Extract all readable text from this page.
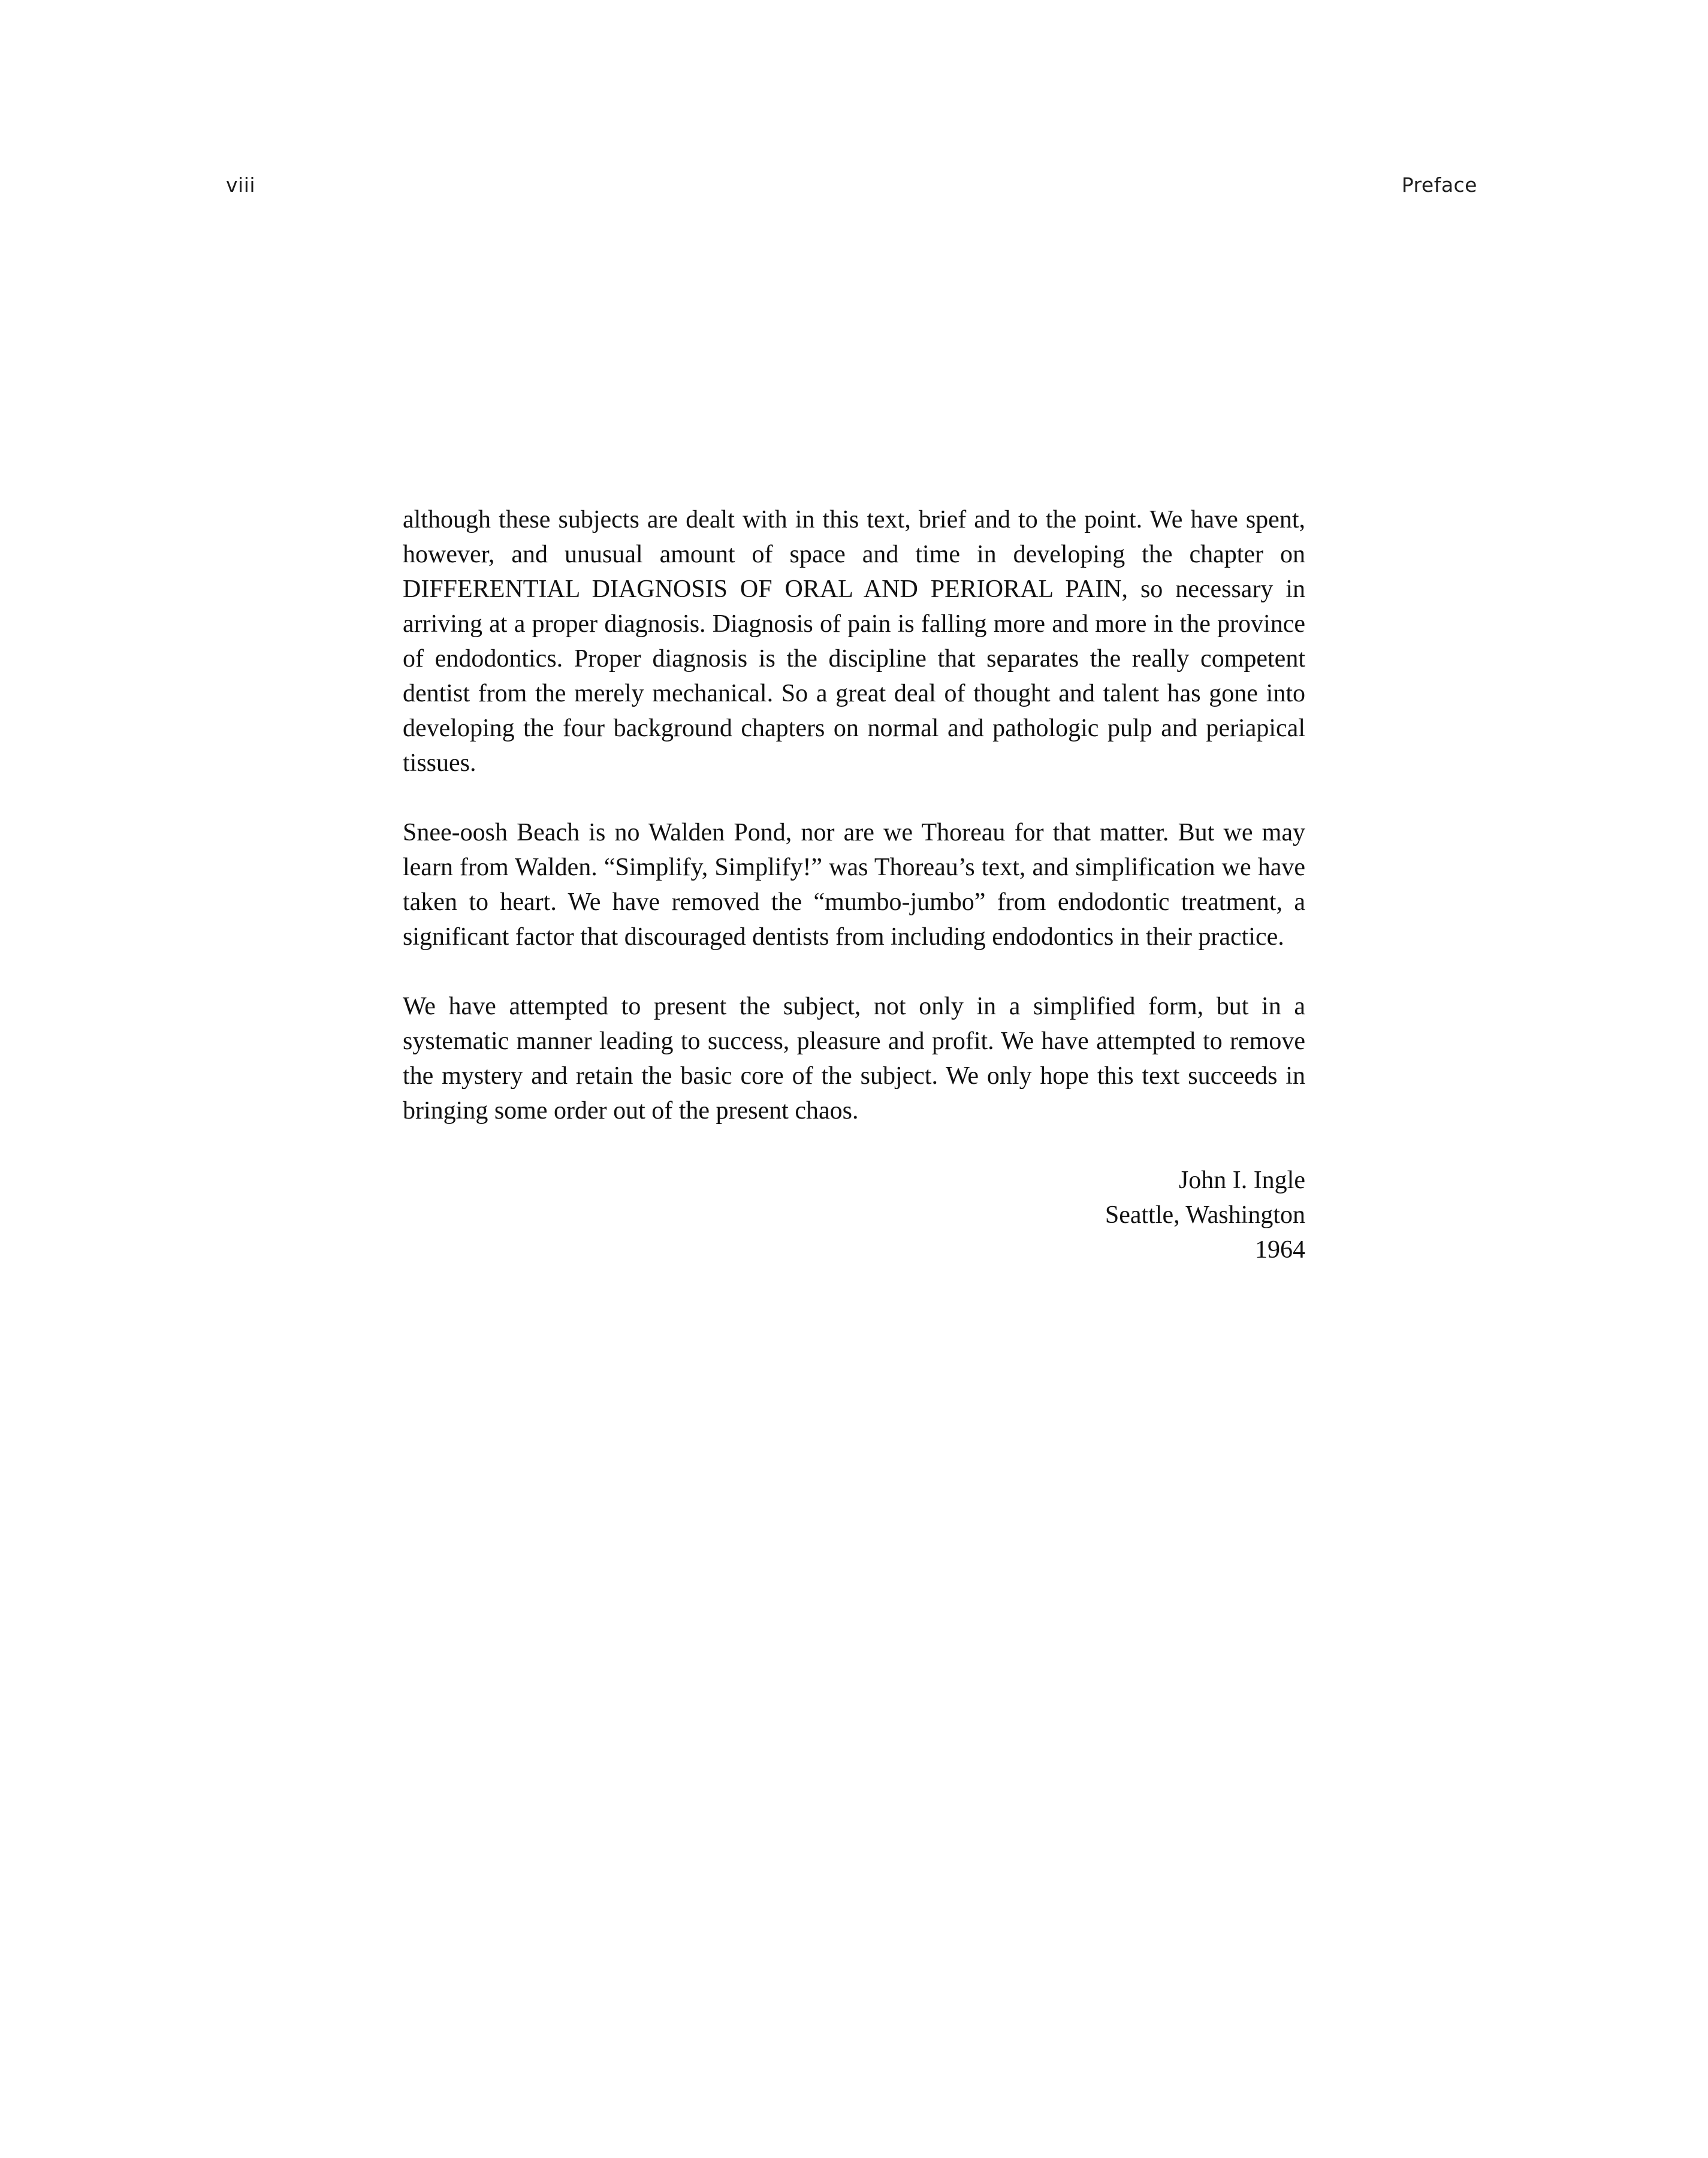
viii	Preface

although these subjects are dealt with in this text, brief and to the point. We have spent, however, and unusual amount of space and time in developing the chapter on DIFFERENTIAL DIAGNOSIS OF ORAL AND PERIORAL PAIN, so necessary in arriving at a proper diagnosis. Diagnosis of pain is falling more and more in the province of endodontics. Proper diagnosis is the discipline that separates the really competent dentist from the merely mechanical. So a great deal of thought and talent has gone into developing the four background chapters on normal and pathologic pulp and periapical tissues.

Snee-oosh Beach is no Walden Pond, nor are we Thoreau for that matter. But we may learn from Walden. “Simplify, Simplify!” was Thoreau’s text, and simplification we have taken to heart. We have removed the “mumbo-jumbo” from endodontic treatment, a significant factor that discouraged dentists from including endodontics in their practice.

We have attempted to present the subject, not only in a simplified form, but in a systematic manner leading to success, pleasure and profit. We have attempted to remove the mystery and retain the basic core of the subject. We only hope this text succeeds in bringing some order out of the present chaos.

John I. Ingle
Seattle, Washington
1964
